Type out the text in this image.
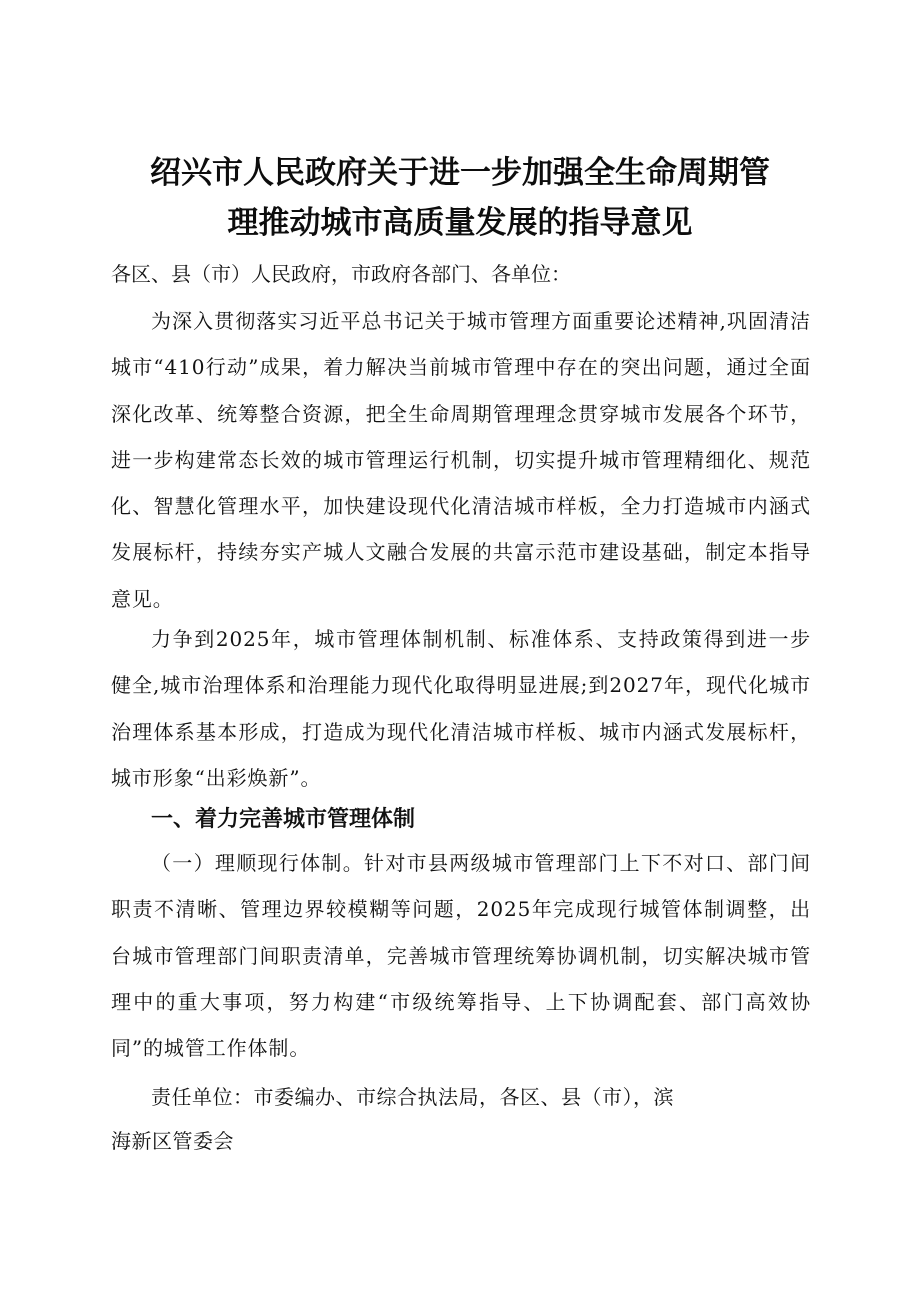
绍兴市人民政府关于进一步加强全生命周期管
理推动城市高质量发展的指导意见

各区、县（市）人民政府，市政府各部门、各单位：

为深入贯彻落实习近平总书记关于城市管理方面重要论述精神,巩固清洁城市“410行动”成果，着力解决当前城市管理中存在的突出问题，通过全面深化改革、统筹整合资源，把全生命周期管理理念贯穿城市发展各个环节，进一步构建常态长效的城市管理运行机制，切实提升城市管理精细化、规范化、智慧化管理水平，加快建设现代化清洁城市样板，全力打造城市内涵式发展标杆，持续夯实产城人文融合发展的共富示范市建设基础，制定本指导意见。

力争到2025年，城市管理体制机制、标准体系、支持政策得到进一步健全,城市治理体系和治理能力现代化取得明显进展;到2027年，现代化城市治理体系基本形成，打造成为现代化清洁城市样板、城市内涵式发展标杆，城市形象“出彩焕新”。

一、着力完善城市管理体制

（一）理顺现行体制。针对市县两级城市管理部门上下不对口、部门间职责不清晰、管理边界较模糊等问题，2025年完成现行城管体制调整，出台城市管理部门间职责清单，完善城市管理统筹协调机制，切实解决城市管理中的重大事项，努力构建“市级统筹指导、上下协调配套、部门高效协同”的城管工作体制。

责任单位：市委编办、市综合执法局，各区、县（市），滨
海新区管委会
